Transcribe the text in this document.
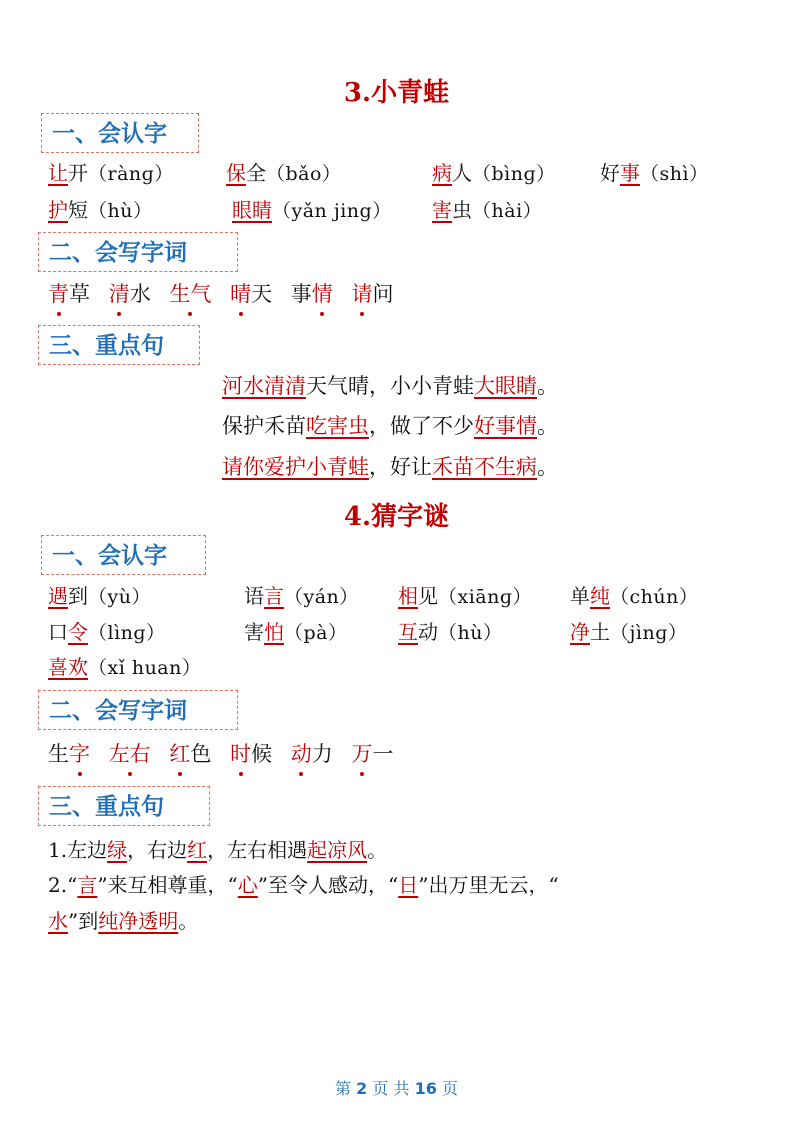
3.小青蛙
一、会认字
让开（rànɡ）	保全（bǎo）	病人（bìnɡ） 好事（shì）
护短（hù）	眼睛（yǎn jing） 害虫（hài）
二、会写字词
青草 清水 生气 晴天 事情 请问
三、重点句
河水清清天气晴，小小青蛙大眼睛。
保护禾苗吃害虫，做了不少好事情。
请你爱护小青蛙，好让禾苗不生病。
4.猜字谜
一、会认字
遇到（yù）	语言（yán） 相见（xiānɡ） 单纯（chún）
口令（lìnɡ）	害怕（pà）	互动（hù）	净土（jìnɡ）
喜欢（xǐ huan）
二、会写字词
生字 左右 红色 时候 动力 万一
三、重点句
1.左边绿，右边红，左右相遇起凉风。
2.“言”来互相尊重，“心”至令人感动，“日”出万里无云，“
水”到纯净透明。
第 2 页 共 16 页
